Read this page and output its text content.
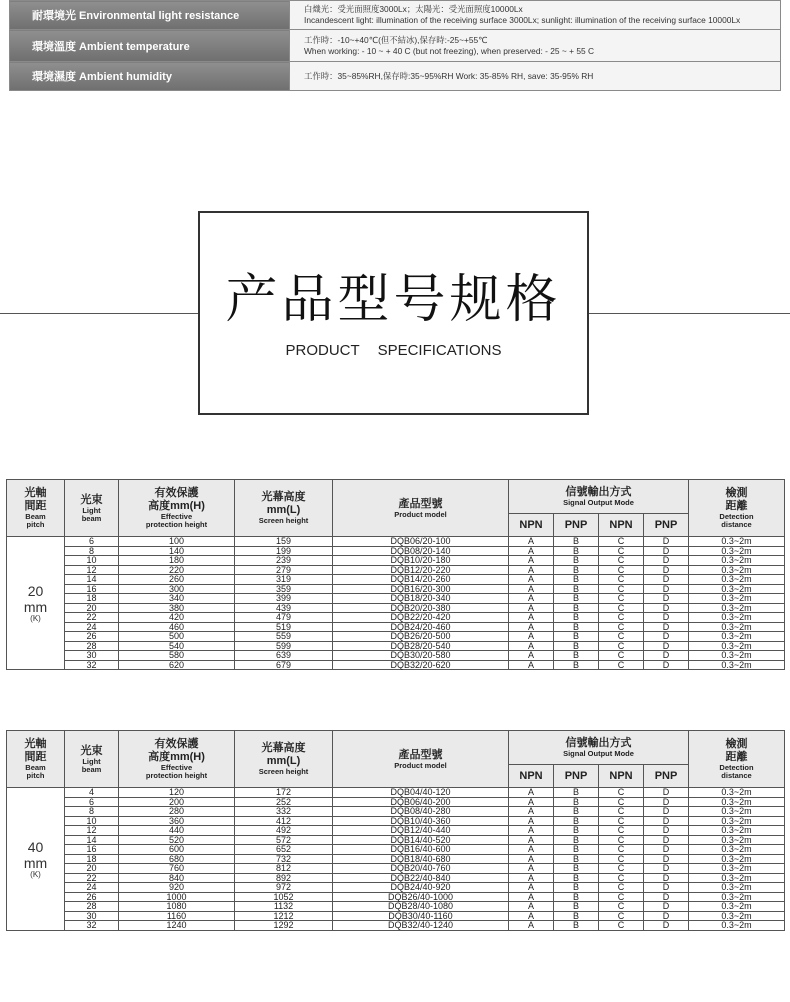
耐環境光 Environmental light resistance	白熾光：受光面照度3000Lx；太陽光：受光面照度10000Lx
Incandescent light: illumination of the receiving surface 3000Lx; sunlight: illumination of the receiving surface 10000Lx
環境溫度 Ambient temperature	工作時：-10~+40℃(但不結冰),保存時:-25~+55℃
When working: - 10 ~ + 40 C (but not freezing), when preserved: - 25 ~ + 55 C
環境濕度 Ambient humidity	工作時：35~85%RH,保存時:35~95%RH Work: 35-85% RH, save: 35-95% RH
产品型号规格
PRODUCT SPECIFICATIONS
光軸
間距
Beam
pitch	光束
Light
beam	有效保護
高度mm(H)
Effective
protection height	光幕高度
mm(L)
Screen height	產品型號
Product model	信號輸出方式
Signal Output Mode				檢測
距離
Detection
distance

					NPN	PNP	NPN	PNP	

20
mm
(K)	6	100	159	DQB06/20-100	A	B	C	D	0.3~2m
	8	140	199	DQB08/20-140	A	B	C	D	0.3~2m
	10	180	239	DQB10/20-180	A	B	C	D	0.3~2m
	12	220	279	DQB12/20-220	A	B	C	D	0.3~2m
	14	260	319	DQB14/20-260	A	B	C	D	0.3~2m
	16	300	359	DQB16/20-300	A	B	C	D	0.3~2m
	18	340	399	DQB18/20-340	A	B	C	D	0.3~2m
	20	380	439	DQB20/20-380	A	B	C	D	0.3~2m
	22	420	479	DQB22/20-420	A	B	C	D	0.3~2m
	24	460	519	DQB24/20-460	A	B	C	D	0.3~2m
	26	500	559	DQB26/20-500	A	B	C	D	0.3~2m
	28	540	599	DQB28/20-540	A	B	C	D	0.3~2m
	30	580	639	DQB30/20-580	A	B	C	D	0.3~2m
	32	620	679	DQB32/20-620	A	B	C	D	0.3~2m
光軸
間距
Beam
pitch	光束
Light
beam	有效保護
高度mm(H)
Effective
protection height	光幕高度
mm(L)
Screen height	產品型號
Product model	信號輸出方式
Signal Output Mode				檢測
距離
Detection
distance

					NPN	PNP	NPN	PNP	

40
mm
(K)	4	120	172	DQB04/40-120	A	B	C	D	0.3~2m
	6	200	252	DQB06/40-200	A	B	C	D	0.3~2m
	8	280	332	DQB08/40-280	A	B	C	D	0.3~2m
	10	360	412	DQB10/40-360	A	B	C	D	0.3~2m
	12	440	492	DQB12/40-440	A	B	C	D	0.3~2m
	14	520	572	DQB14/40-520	A	B	C	D	0.3~2m
	16	600	652	DQB16/40-600	A	B	C	D	0.3~2m
	18	680	732	DQB18/40-680	A	B	C	D	0.3~2m
	20	760	812	DQB20/40-760	A	B	C	D	0.3~2m
	22	840	892	DQB22/40-840	A	B	C	D	0.3~2m
	24	920	972	DQB24/40-920	A	B	C	D	0.3~2m
	26	1000	1052	DQB26/40-1000	A	B	C	D	0.3~2m
	28	1080	1132	DQB28/40-1080	A	B	C	D	0.3~2m
	30	1160	1212	DQB30/40-1160	A	B	C	D	0.3~2m
	32	1240	1292	DQB32/40-1240	A	B	C	D	0.3~2m
